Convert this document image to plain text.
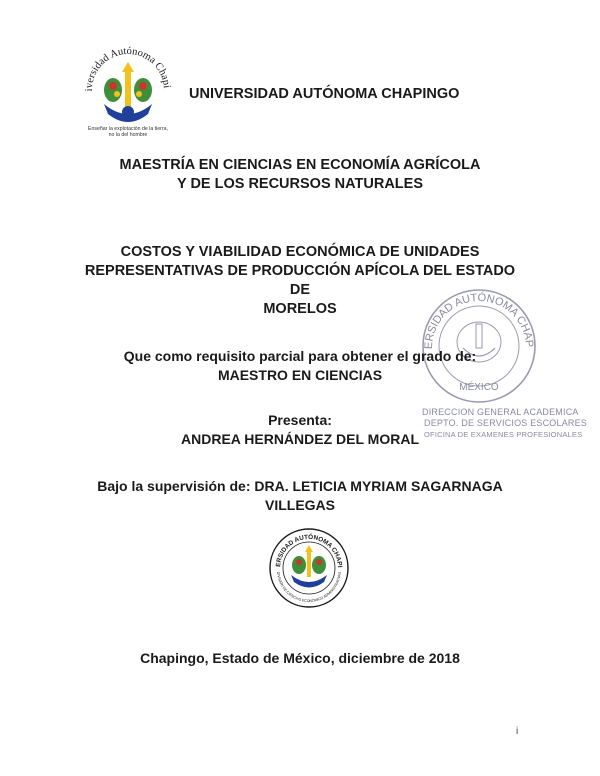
iversidad Autónoma Chapi
Enseñar la explotación de la tierra,
no la del hombre
UNIVERSIDAD AUTÓNOMA CHAPINGO
MAESTRÍA EN CIENCIAS EN ECONOMÍA AGRÍCOLA
Y DE LOS RECURSOS NATURALES
COSTOS Y VIABILIDAD ECONÓMICA DE UNIDADES
REPRESENTATIVAS DE PRODUCCIÓN APÍCOLA DEL ESTADO DE
MORELOS
ERSIDAD AUTÓNOMA CHAP
MÉXICO
DIRECCION GENERAL ACADEMICA
DEPTO. DE SERVICIOS ESCOLARES
OFICINA DE EXAMENES PROFESIONALES
Que como requisito parcial para obtener el grado de:
MAESTRO EN CIENCIAS
Presenta:
ANDREA HERNÁNDEZ DEL MORAL
Bajo la supervisión de: DRA. LETICIA MYRIAM SAGARNAGA
VILLEGAS
ERSIDAD AUTÓNOMA CHAPI
DIVISIÓN DE CIENCIAS ECONÓMICO ADMINISTRATIVAS
Chapingo, Estado de México, diciembre de 2018
i
